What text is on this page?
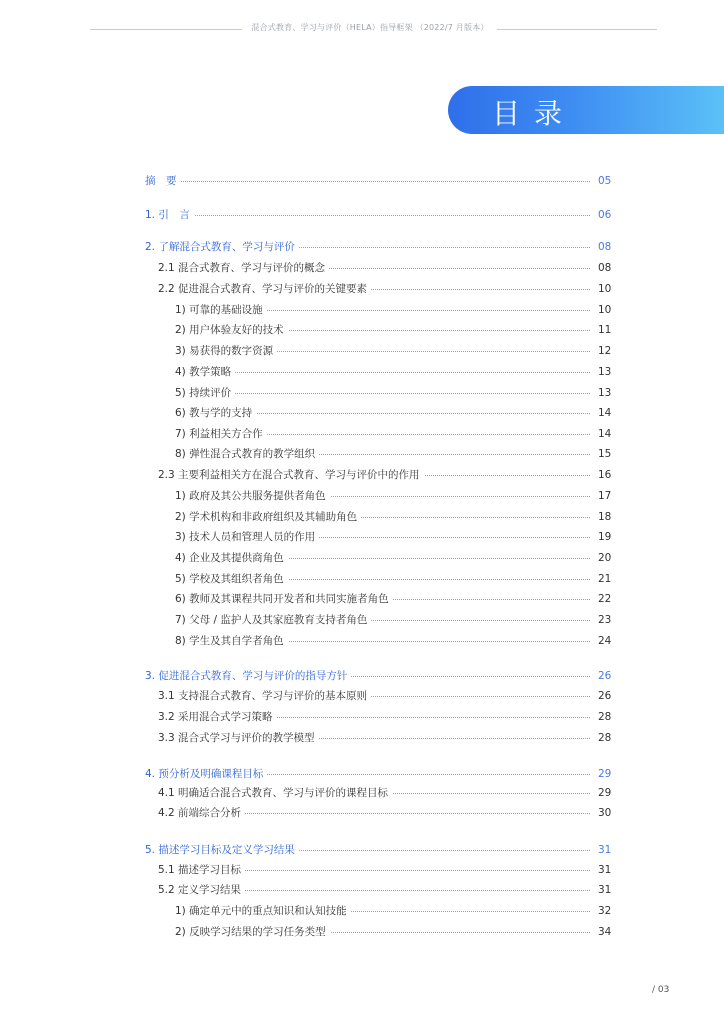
混合式教育、学习与评价（HELA）指导框架 （2022/7 月版本）
目录
摘　要	05
1. 引　言	06
2. 了解混合式教育、学习与评价	08
2.1 混合式教育、学习与评价的概念	08
2.2 促进混合式教育、学习与评价的关键要素	10
1) 可靠的基础设施	10
2) 用户体验友好的技术	11
3) 易获得的数字资源	12
4) 教学策略	13
5) 持续评价	13
6) 教与学的支持	14
7) 利益相关方合作	14
8) 弹性混合式教育的教学组织	15
2.3 主要利益相关方在混合式教育、学习与评价中的作用	16
1) 政府及其公共服务提供者角色	17
2) 学术机构和非政府组织及其辅助角色	18
3) 技术人员和管理人员的作用	19
4) 企业及其提供商角色	20
5) 学校及其组织者角色	21
6) 教师及其课程共同开发者和共同实施者角色	22
7) 父母 / 监护人及其家庭教育支持者角色	23
8) 学生及其自学者角色	24
3. 促进混合式教育、学习与评价的指导方针	26
3.1 支持混合式教育、学习与评价的基本原则	26
3.2 采用混合式学习策略	28
3.3 混合式学习与评价的教学模型	28
4. 预分析及明确课程目标	29
4.1 明确适合混合式教育、学习与评价的课程目标	29
4.2 前端综合分析	30
5. 描述学习目标及定义学习结果	31
5.1 描述学习目标	31
5.2 定义学习结果	31
1) 确定单元中的重点知识和认知技能	32
2) 反映学习结果的学习任务类型	34
/ 03
